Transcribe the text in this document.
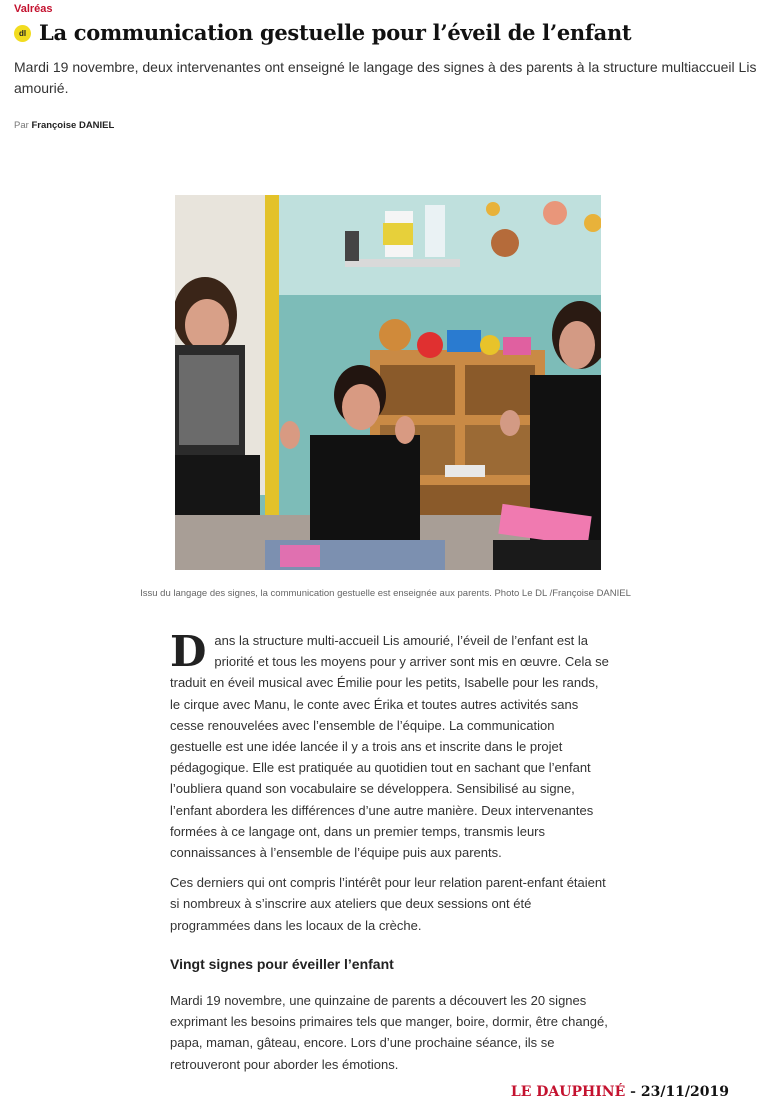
Valréas
dl La communication gestuelle pour l’éveil de l’enfant
Mardi 19 novembre, deux intervenantes ont enseigné le langage des signes à des parents à la structure multiaccueil Lis amourié.
Par Françoise DANIEL
Issu du langage des signes, la communication gestuelle est enseignée aux parents. Photo Le DL /Françoise DANIEL

Dans la structure multi-accueil Lis amourié, l’éveil de l’enfant est la priorité et tous les moyens pour y arriver sont mis en œuvre. Cela se traduit en éveil musical avec Émilie pour les petits, Isabelle pour les rands, le cirque avec Manu, le conte avec Érika et toutes autres activités sans cesse renouvelées avec l’ensemble de l’équipe. La communication gestuelle est une idée lancée il y a trois ans et inscrite dans le projet pédagogique. Elle est pratiquée au quotidien tout en sachant que l’enfant l’oubliera quand son vocabulaire se développera. Sensibilisé au signe, l’enfant abordera les différences d’une autre manière. Deux intervenantes formées à ce langage ont, dans un premier temps, transmis leurs connaissances à l’ensemble de l’équipe puis aux parents.

Ces derniers qui ont compris l’intérêt pour leur relation parent-enfant étaient si nombreux à s’inscrire aux ateliers que deux sessions ont été programmées dans les locaux de la crèche.

Vingt signes pour éveiller l’enfant

Mardi 19 novembre, une quinzaine de parents a découvert les 20 signes exprimant les besoins primaires tels que manger, boire, dormir, être changé, papa, maman, gâteau, encore. Lors d’une prochaine séance, ils se retrouveront pour aborder les émotions.

LE DAUPHINÉ - 23/11/2019
